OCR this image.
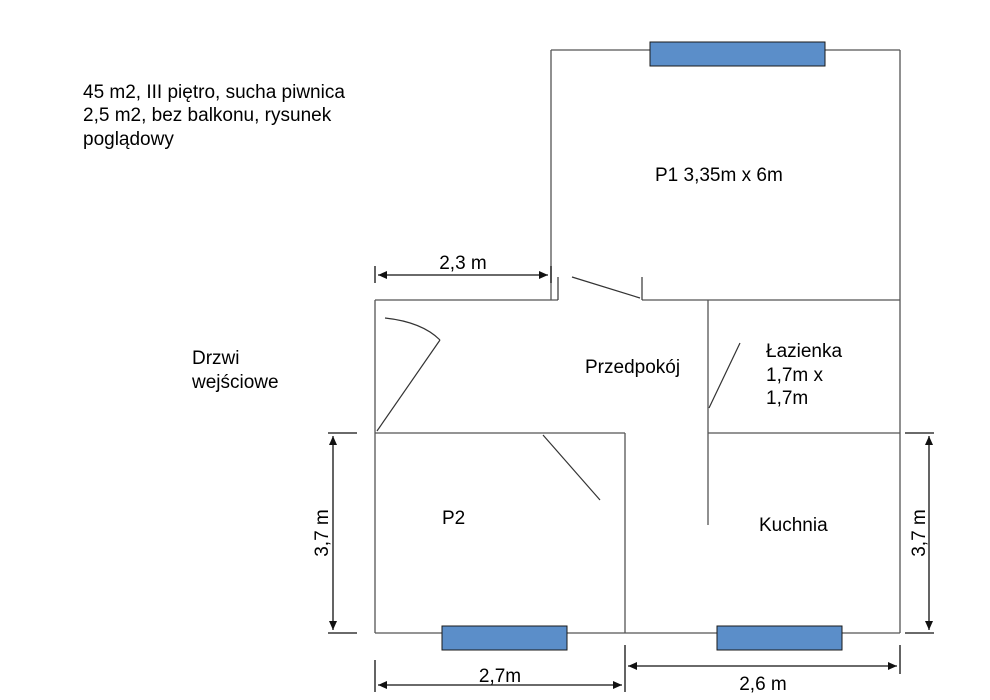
45 m2, III piętro, sucha piwnica
2,5 m2, bez balkonu, rysunek
poglądowy
2,3 m
3,7 m	3,7 m
2,7m	2,6 m
P1 3,35m x 6m
Przedpokój
Łazienka
1,7m x
1,7m
P2	Kuchnia
Drzwi
wejściowe
